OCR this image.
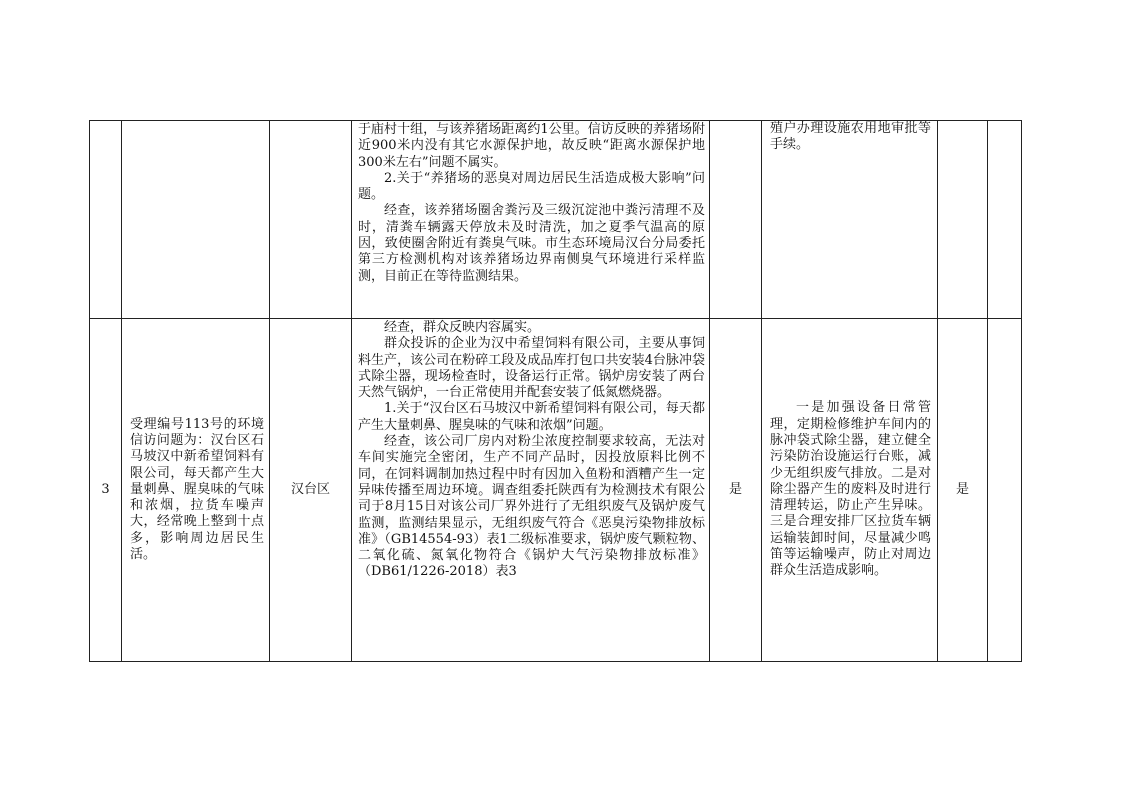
			于庙村十组，与该养猪场距离约1公里。信访反映的养猪场附近900米内没有其它水源保护地，故反映“距离水源保护地300米左右”问题不属实。

2.关于“养猪场的恶臭对周边居民生活造成极大影响”问题。

经查，该养猪场圈舍粪污及三级沉淀池中粪污清理不及时，清粪车辆露天停放未及时清洗，加之夏季气温高的原因，致使圈舍附近有粪臭气味。市生态环境局汉台分局委托第三方检测机构对该养猪场边界南侧臭气环境进行采样监测，目前正在等待监测结果。		殖户办理设施农用地审批等手续。		

3	受理编号113号的环境信访问题为：汉台区石马坡汉中新希望饲料有限公司，每天都产生大量刺鼻、腥臭味的气味和浓烟，拉货车噪声大，经常晚上整到十点多，影响周边居民生活。	汉台区	经查，群众反映内容属实。

群众投诉的企业为汉中希望饲料有限公司，主要从事饲料生产，该公司在粉碎工段及成品库打包口共安装4台脉冲袋式除尘器，现场检查时，设备运行正常。锅炉房安装了两台天然气锅炉，一台正常使用并配套安装了低氮燃烧器。

1.关于“汉台区石马坡汉中新希望饲料有限公司，每天都产生大量刺鼻、腥臭味的气味和浓烟”问题。

经查，该公司厂房内对粉尘浓度控制要求较高，无法对车间实施完全密闭，生产不同产品时，因投放原料比例不同，在饲料调制加热过程中时有因加入鱼粉和酒糟产生一定异味传播至周边环境。调查组委托陕西有为检测技术有限公司于8月15日对该公司厂界外进行了无组织废气及锅炉废气监测，监测结果显示，无组织废气符合《恶臭污染物排放标准》（GB14554-93）表1二级标准要求，锅炉废气颗粒物、二氧化硫、氮氧化物符合《锅炉大气污染物排放标准》（DB61/1226-2018）表3	是	一是加强设备日常管理，定期检修维护车间内的脉冲袋式除尘器，建立健全污染防治设施运行台账，减少无组织废气排放。二是对除尘器产生的废料及时进行清理转运，防止产生异味。三是合理安排厂区拉货车辆运输装卸时间，尽量减少鸣笛等运输噪声，防止对周边群众生活造成影响。	是	
